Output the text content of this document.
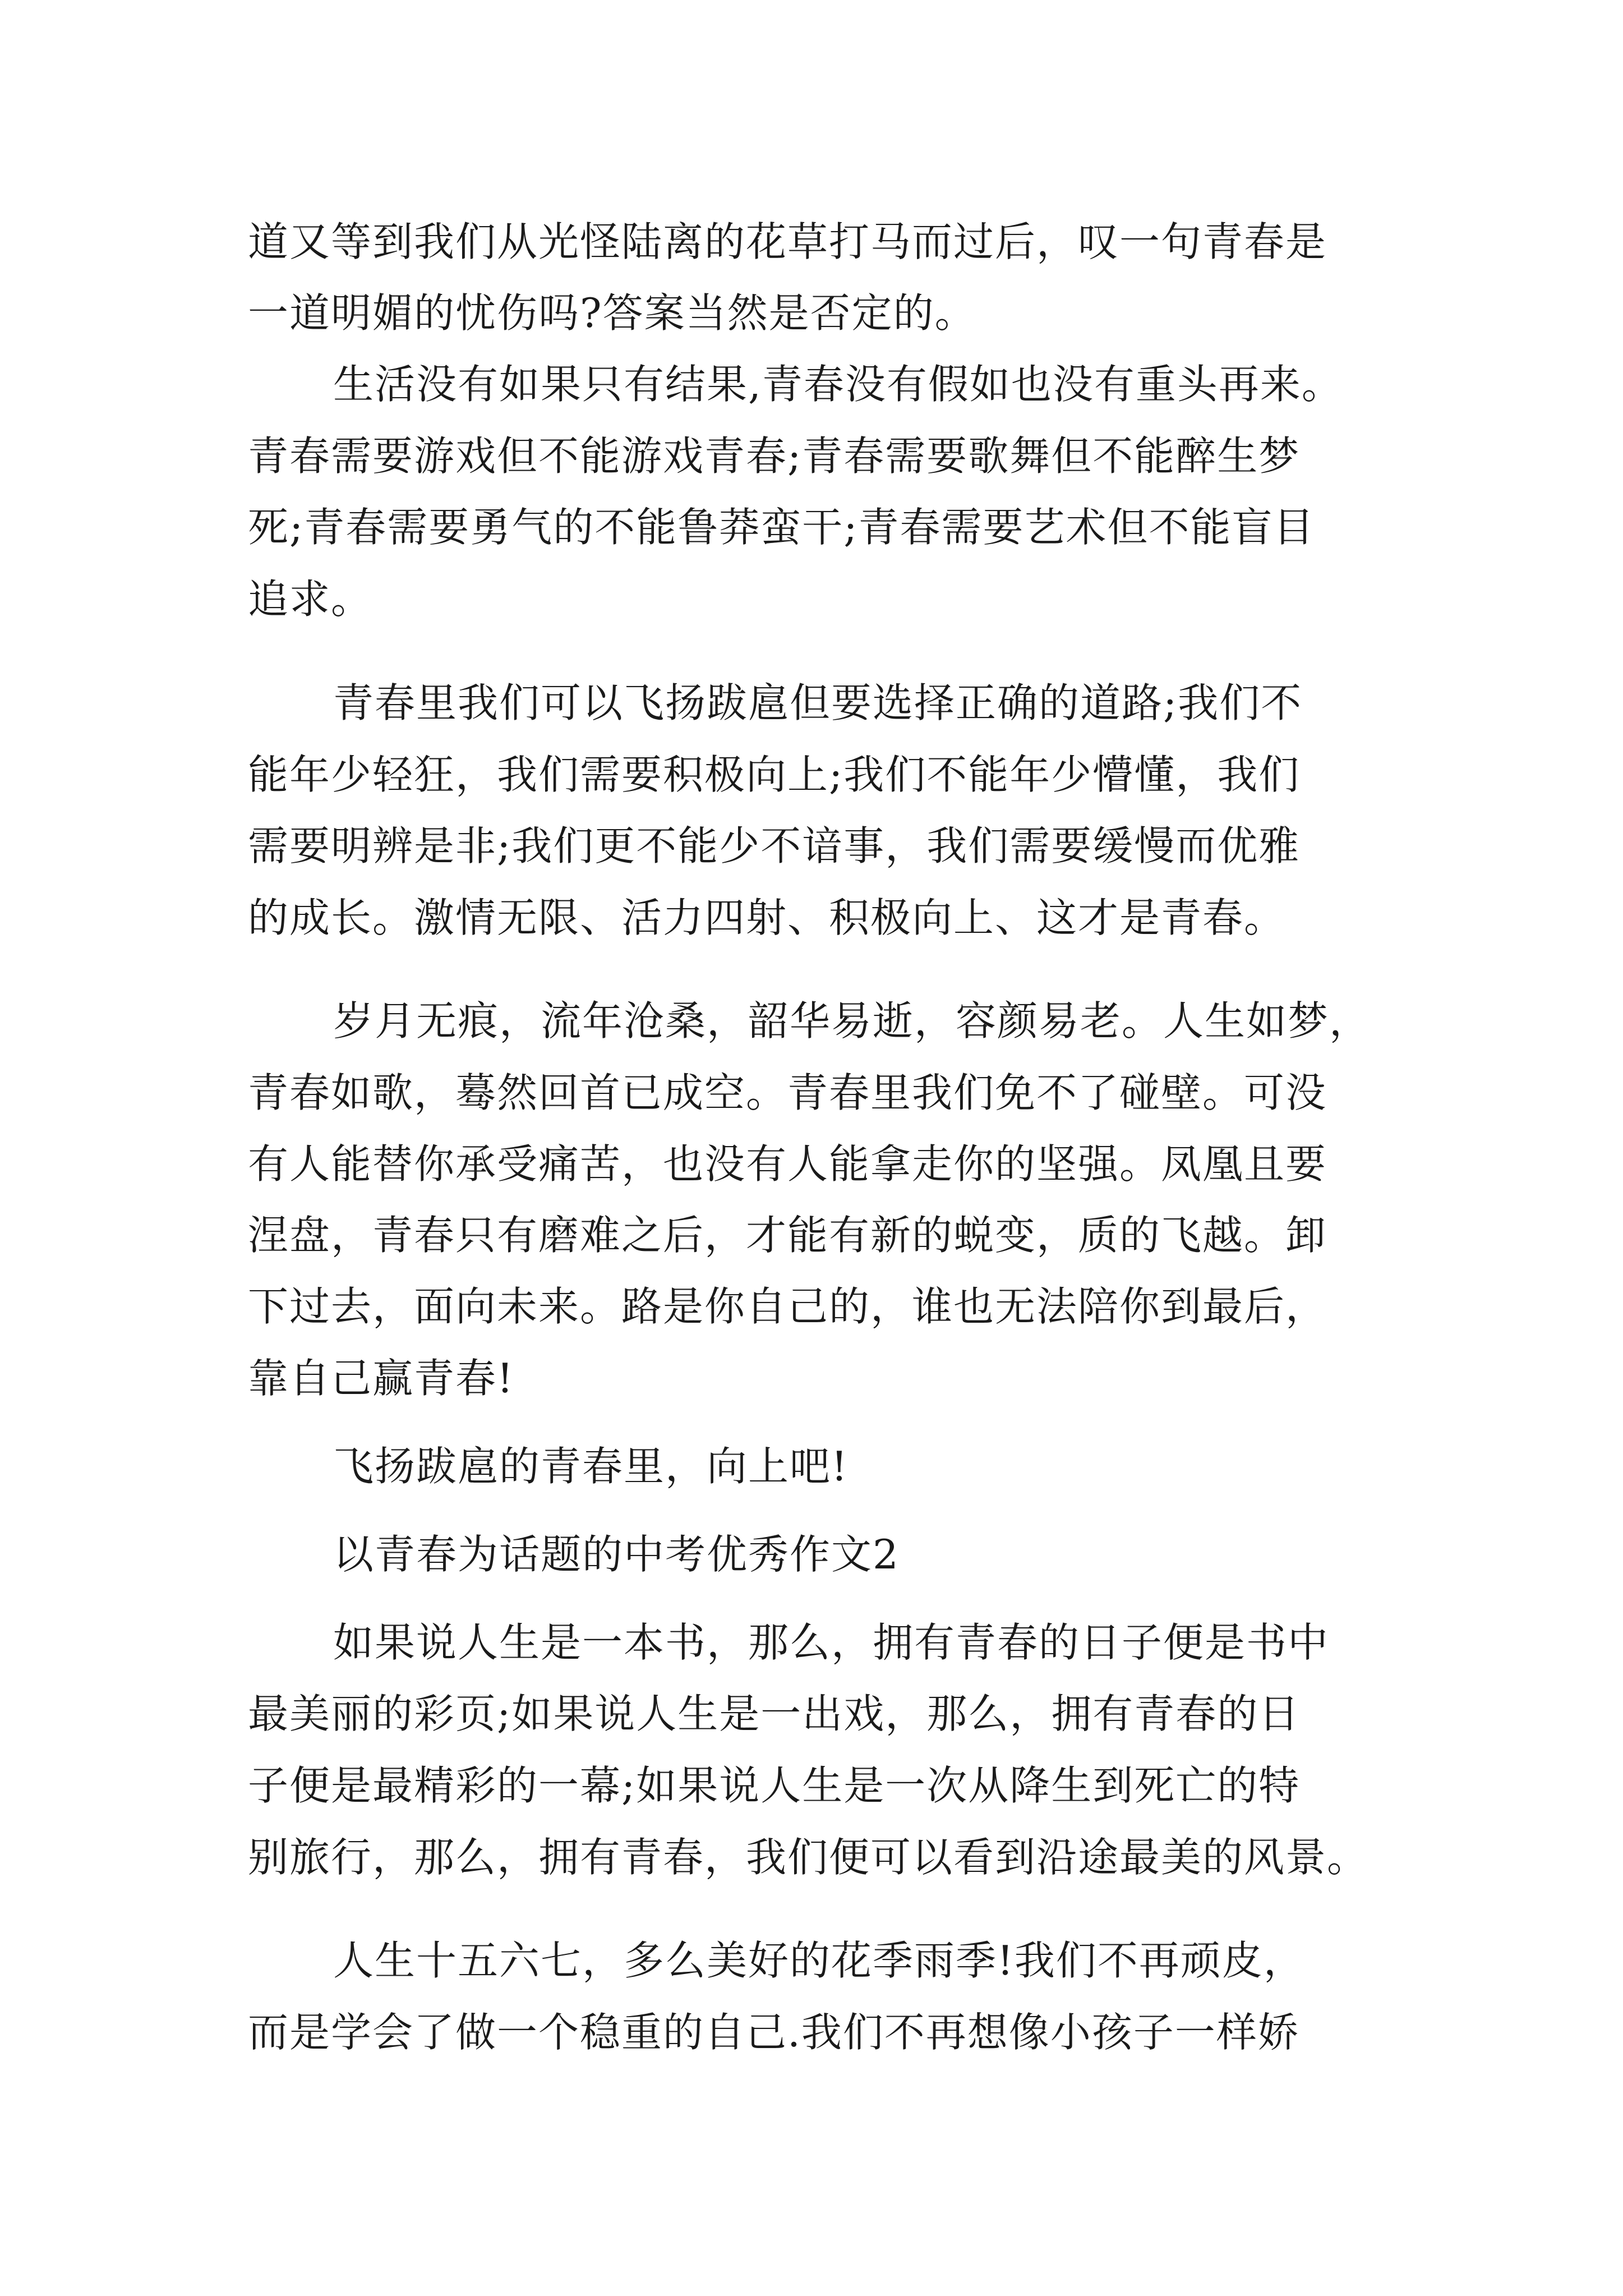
道又等到我们从光怪陆离的花草打马而过后，叹一句青春是
一道明媚的忧伤吗?答案当然是否定的。
生活没有如果只有结果,青春没有假如也没有重头再来。
青春需要游戏但不能游戏青春;青春需要歌舞但不能醉生梦
死;青春需要勇气的不能鲁莽蛮干;青春需要艺术但不能盲目
追求。
青春里我们可以飞扬跋扈但要选择正确的道路;我们不
能年少轻狂，我们需要积极向上;我们不能年少懵懂，我们
需要明辨是非;我们更不能少不谙事，我们需要缓慢而优雅
的成长。激情无限、活力四射、积极向上、这才是青春。
岁月无痕，流年沧桑，韶华易逝，容颜易老。人生如梦，
青春如歌，蓦然回首已成空。青春里我们免不了碰壁。可没
有人能替你承受痛苦，也没有人能拿走你的坚强。凤凰且要
涅盘，青春只有磨难之后，才能有新的蜕变，质的飞越。卸
下过去，面向未来。路是你自己的，谁也无法陪你到最后，
靠自己赢青春!
飞扬跋扈的青春里，向上吧!
以青春为话题的中考优秀作文2
如果说人生是一本书，那么，拥有青春的日子便是书中
最美丽的彩页;如果说人生是一出戏，那么，拥有青春的日
子便是最精彩的一幕;如果说人生是一次从降生到死亡的特
别旅行，那么，拥有青春，我们便可以看到沿途最美的风景。
人生十五六七，多么美好的花季雨季!我们不再顽皮，
而是学会了做一个稳重的自己.我们不再想像小孩子一样娇
